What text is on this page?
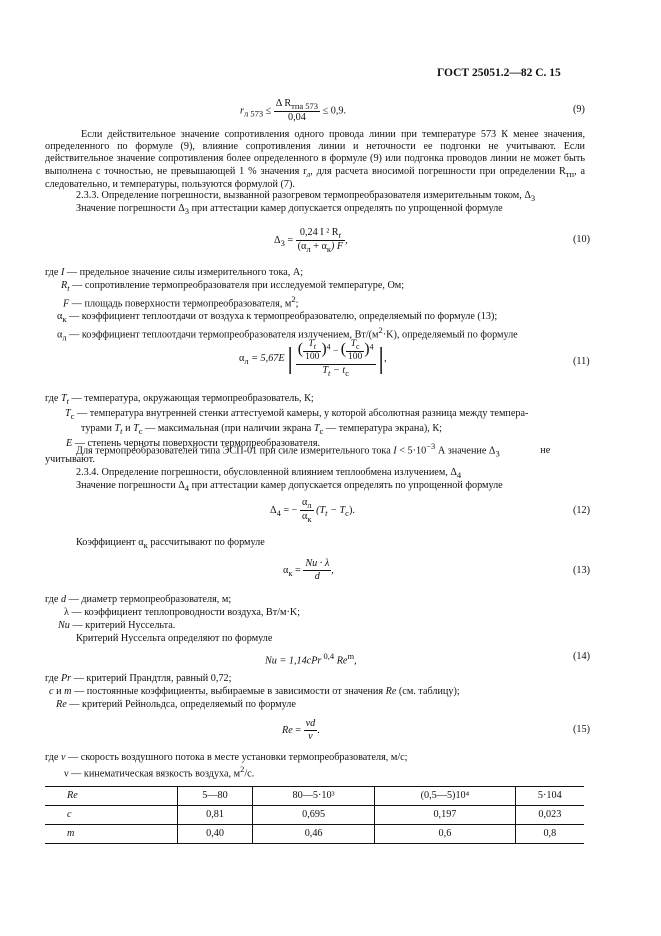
ГОСТ 25051.2—82 С. 15
$r_{л 573} \le \frac{\Delta R_{тпа 573}}{0,04} \le 0,9$.	(9)
Если действительное значение сопротивления одного провода линии при температуре 573 К менее значения, определенного по формуле (9), влияние сопротивления линии и неточности ее подгонки не учитывают. Если действительное значение сопротивления более определенного в формуле (9) или подгонка проводов линии не может быть выполнена с точностью, не превышающей 1 % значения $r_л$, для расчета вносимой погрешности при определении $R_{тп}$, а следовательно, и температуры, пользуются формулой (7).
2.3.3. Определение погрешности, вызванной разогревом термопреобразователя измерительным током, $\Delta_3$
Значение погрешности $\Delta_3$ при аттестации камер допускается определять по упрощенной формуле
$\Delta_3 = \frac{0,24 I ^2 R_t}{(\alpha_л + \alpha_к) F}$ ,	(10)
где I — предельное значение силы измерительного тока, А;
$R_t$ — сопротивление термопреобразователя при исследуемой температуре, Ом;
F — площадь поверхности термопреобразователя, $м^2$;
$\alpha_к$ — коэффициент теплоотдачи от воздуха к термопреобразователю, определяемый по формуле (13);
$\alpha_л$ — коэффициент теплоотдачи термопреобразователя излучением, $Вт/(м^2\cdot K)$, определяемый по формуле
$\alpha_л = 5,67E$ | $\frac{( \frac{T_t}{100} )^4 - ( \frac{T_c}{100} )^4}{T_t - t_c}$ |,	(11)
где $T_t$ — температура, окружающая термопреобразователь, К;
$T_c$ — температура внутренней стенки аттестуемой камеры, у которой абсолютная разница между темпера-
турами $T_t$ и $T_c$ — максимальная (при наличии экрана $T_c$ — температура экрана), К;
E — степень черноты поверхности термопреобразователя.
Для термопреобразователей типа ЭСП-01 при силе измерительного тока $I < 5\cdot 10^{-3}$ А значение $\Delta_3$	не
учитывают.
2.3.4. Определение погрешности, обусловленной влиянием теплообмена излучением, $\Delta_4$
Значение погрешности $\Delta_4$ при аттестации камер допускается определять по упрощенной формуле
$\Delta_4$ = − $\frac{\alpha_л}{\alpha_к} (T_t - T_c)$.	(12)
Коэффициент $\alpha_к$ рассчитывают по формуле
$\alpha_к = \frac{Nu \cdot \lambda}{d}$ ,	(13)
где d — диаметр термопреобразователя, м;
λ — коэффициент теплопроводности воздуха, Вт/м·K;
Nu — критерий Нуссельта.
Критерий Нуссельта определяют по формуле
Nu = 1,14cPr $^{0,4}$ Re$^m$,	(14)
где Pr — критерий Прандтля, равный 0,72;
c и m — постоянные коэффициенты, выбираемые в зависимости от значения Re (см. таблицу);
Re — критерий Рейнольдса, определяемый по формуле
$Re = \frac{vd}{\nu}$ .	(15)
где v — скорость воздушного потока в месте установки термопреобразователя, м/с;
ν — кинематическая вязкость воздуха, $м^2/с$.
Re	5—80	80—5·10³	(0,5—5)10⁴	5·104
c	0,81	0,695	0,197	0,023
m	0,40	0,46	0,6	0,8
